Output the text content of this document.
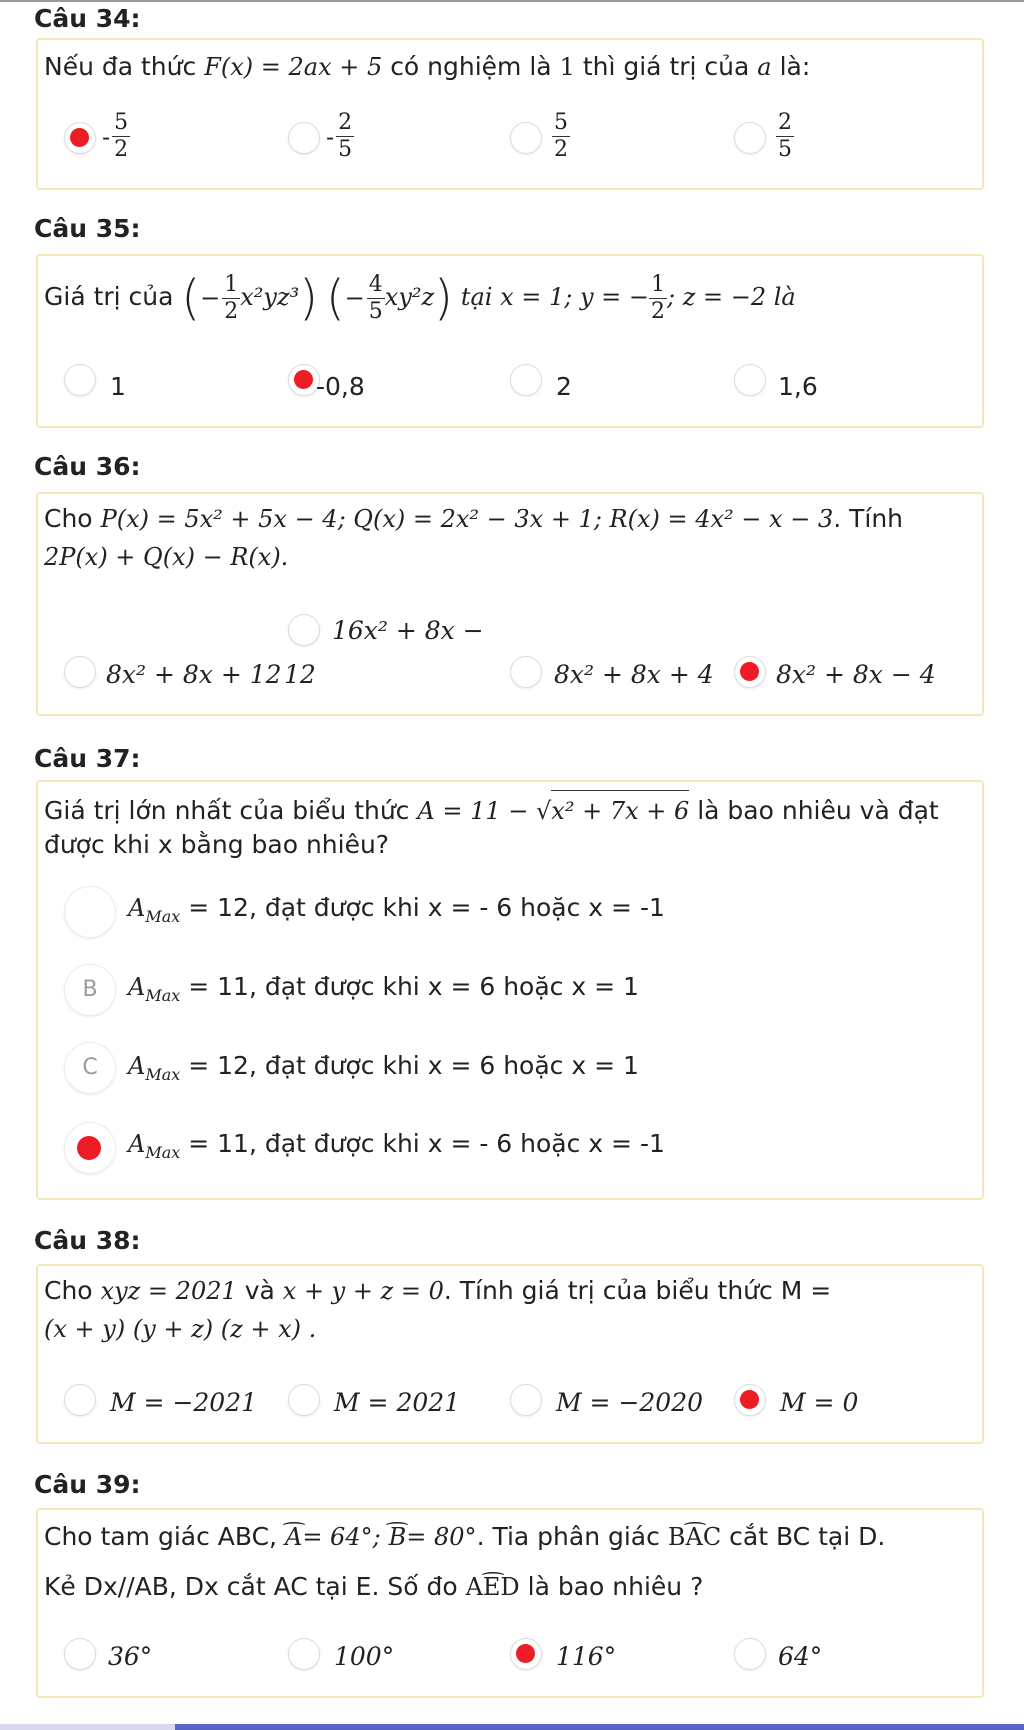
Câu 34:
Nếu đa thức F(x) = 2ax + 5 có nghiệm là 1 thì giá trị của a là:
- $\frac{5}{2}$	- $\frac{2}{5}$	$\frac{5}{2}$	$\frac{2}{5}$
Câu 35:
Giá trị của (− $\frac{1}{2} x^2yz^3$) (− $\frac{4}{5} xy^2z$) tại x = 1; y = − $\frac{1}{2}$ ; z = −2 là
1	-0,8	2	1,6
Câu 36:
Cho P(x) = 5x² + 5x − 4; Q(x) = 2x² − 3x + 1; R(x) = 4x² − x − 3. Tính
2P(x) + Q(x) − R(x).
16x² + 8x −
12
8x² + 8x + 12	8x² + 8x + 4 8x² + 8x − 4
Câu 37:
Giá trị lớn nhất của biểu thức A = 11 − √x² + 7x + 6 là bao nhiêu và đạt
được khi x bằng bao nhiêu?
$A_{Max} = 12$, đạt được khi x = - 6 hoặc x = -1
B	$A_{Max} = 11$, đạt được khi x = 6 hoặc x = 1
C	$A_{Max} = 12$, đạt được khi x = 6 hoặc x = 1
$A_{Max} = 11$, đạt được khi x = - 6 hoặc x = -1
Câu 38:
Cho xyz = 2021 và x + y + z = 0. Tính giá trị của biểu thức M =
(x + y) (y + z) (z + x) .
M = −2021	M = 2021	M = −2020	M = 0
Câu 39:
Cho tam giác ABC, ⌢ A= 64°; ⌢ B= 80°. Tia phân giác ⌢ BAC cắt BC tại D.
Kẻ Dx//AB, Dx cắt AC tại E. Số đo ⌢ AED là bao nhiêu ?
36°	100°	116°	64°
